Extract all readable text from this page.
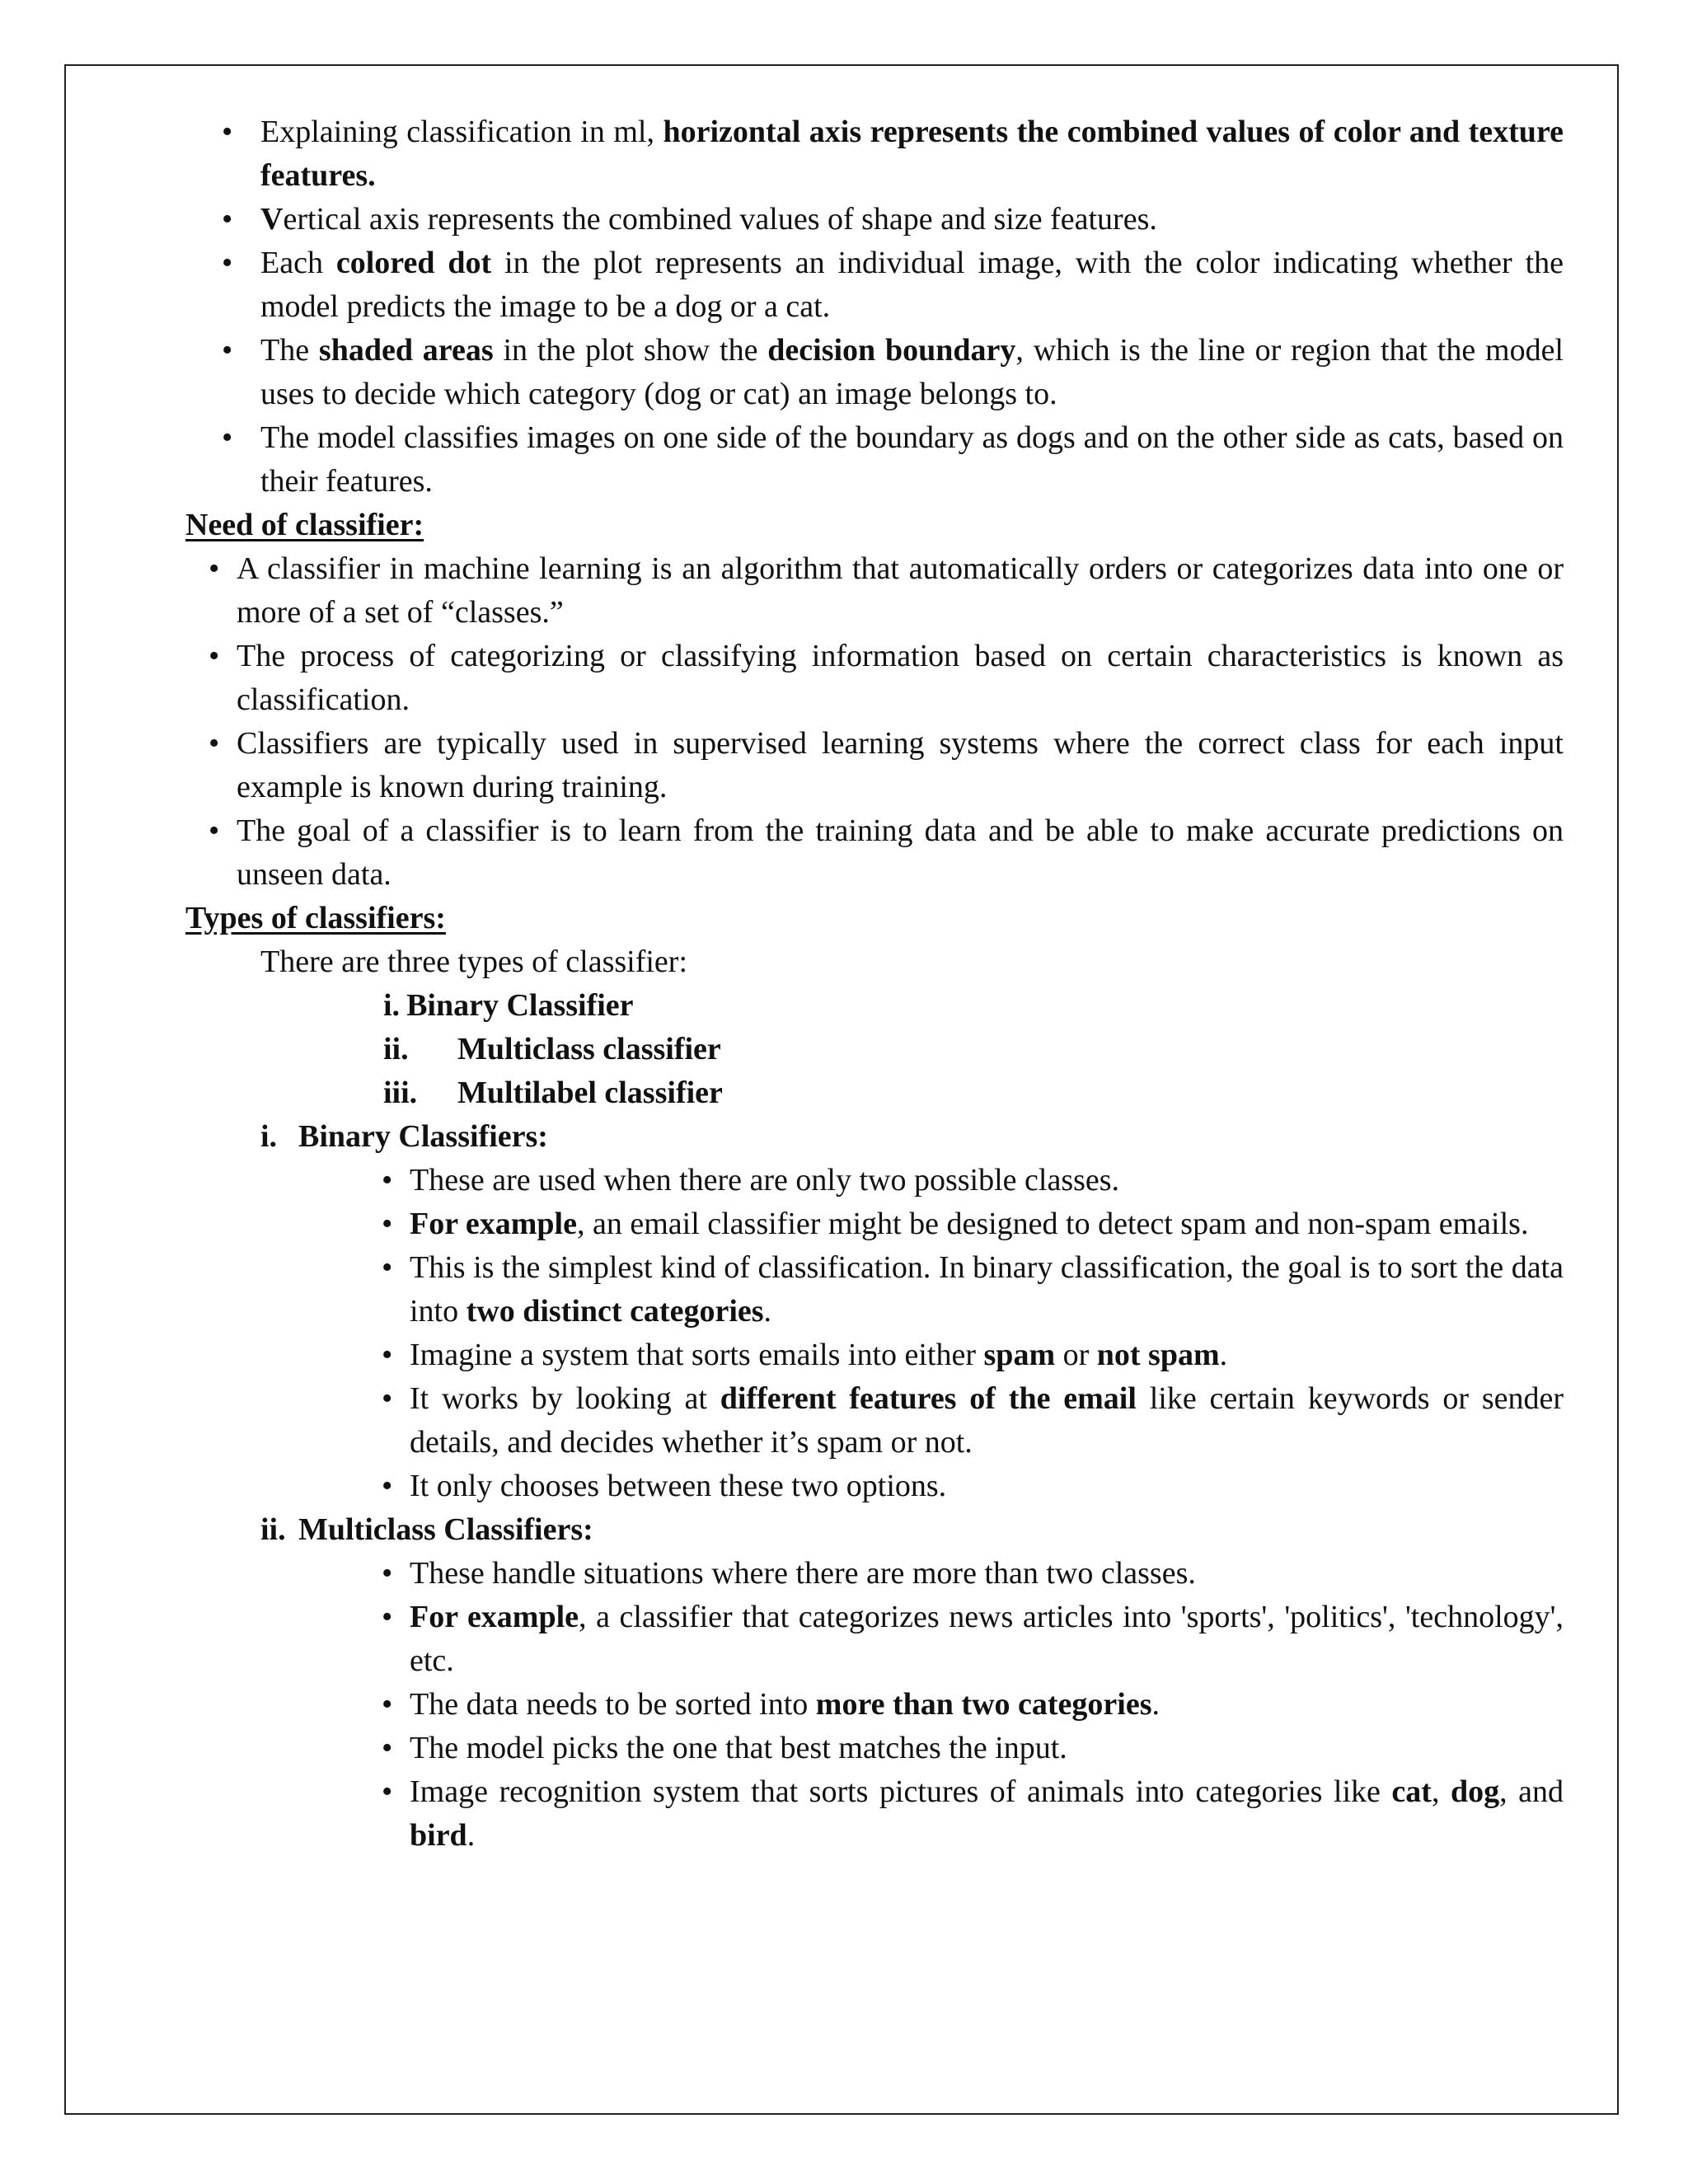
• Explaining classification in ml, horizontal axis represents the combined values of color and texture features.
• Vertical axis represents the combined values of shape and size features.
• Each colored dot in the plot represents an individual image, with the color indicating whether the model predicts the image to be a dog or a cat.
• The shaded areas in the plot show the decision boundary, which is the line or region that the model uses to decide which category (dog or cat) an image belongs to.
• The model classifies images on one side of the boundary as dogs and on the other side as cats, based on their features.
Need of classifier:
• A classifier in machine learning is an algorithm that automatically orders or categorizes data into one or more of a set of “classes.”
• The process of categorizing or classifying information based on certain characteristics is known as classification.
• Classifiers are typically used in supervised learning systems where the correct class for each input example is known during training.
• The goal of a classifier is to learn from the training data and be able to make accurate predictions on unseen data.
Types of classifiers:
There are three types of classifier:
i. Binary Classifier
ii. Multiclass classifier
iii. Multilabel classifier
i. Binary Classifiers:
• These are used when there are only two possible classes.
• For example, an email classifier might be designed to detect spam and non-spam emails.
• This is the simplest kind of classification. In binary classification, the goal is to sort the data into two distinct categories.
• Imagine a system that sorts emails into either spam or not spam.
• It works by looking at different features of the email like certain keywords or sender details, and decides whether it’s spam or not.
• It only chooses between these two options.
ii. Multiclass Classifiers:
• These handle situations where there are more than two classes.
• For example, a classifier that categorizes news articles into 'sports', 'politics', 'technology', etc.
• The data needs to be sorted into more than two categories.
• The model picks the one that best matches the input.
• Image recognition system that sorts pictures of animals into categories like cat, dog, and bird.
